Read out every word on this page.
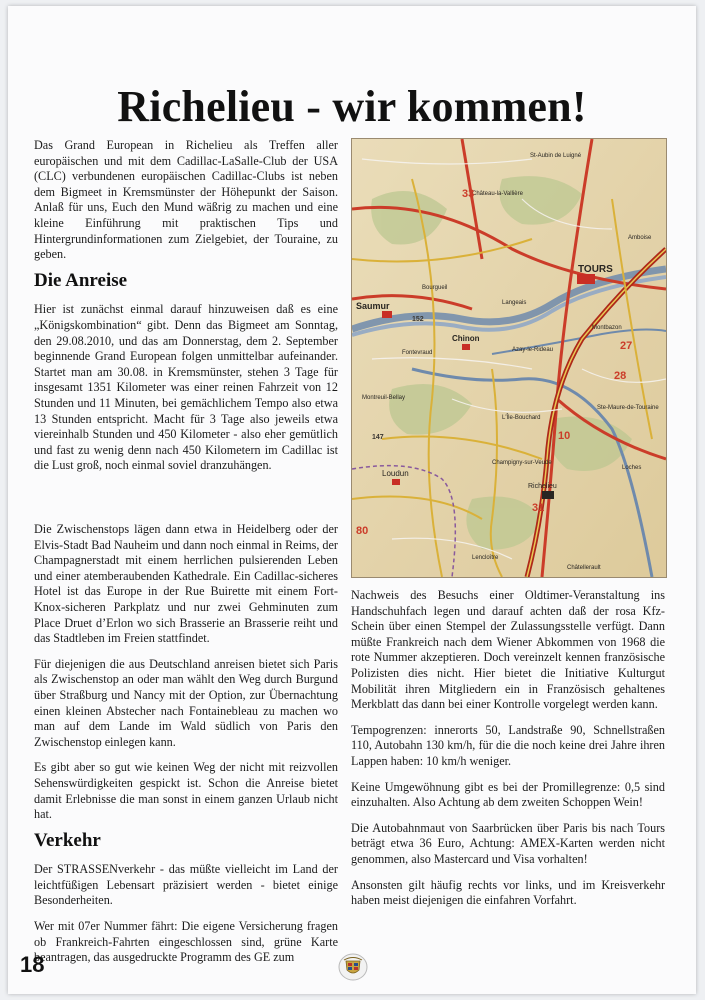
Richelieu - wir kommen!

Das Grand European in Richelieu als Treffen aller europäischen und mit dem Cadillac-LaSalle-Club der USA (CLC) verbundenen europäischen Cadillac-Clubs ist neben dem Bigmeet in Kremsmünster der Höhepunkt der Saison. Anlaß für uns, Euch den Mund wäßrig zu machen und eine kleine Einführung mit praktischen Tips und Hintergrundinformationen zum Zielgebiet, der Touraine, zu geben.

Die Anreise

Hier ist zunächst einmal darauf hinzuweisen daß es eine „Königskombination“ gibt. Denn das Bigmeet am Sonntag, den 29.08.2010, und das am Donnerstag, dem 2. September beginnende Grand European folgen unmittelbar aufeinander. Startet man am 30.08. in Kremsmünster, stehen 3 Tage für insgesamt 1351 Kilometer was einer reinen Fahrzeit von 12 Stunden und 11 Minuten, bei gemächlichem Tempo also etwa 13 Stunden entspricht. Macht für 3 Tage also jeweils etwa viereinhalb Stunden und 450 Kilometer - also eher gemütlich und fast zu wenig denn nach 450 Kilometern im Cadillac ist die Lust groß, noch einmal soviel dranzuhängen.

Die Zwischenstops lägen dann etwa in Heidelberg oder der Elvis-Stadt Bad Nauheim und dann noch einmal in Reims, der Champagnerstadt mit einem herrlichen pulsierenden Leben und einer atemberaubenden Kathedrale. Ein Cadillac-sicheres Hotel ist das Europe in der Rue Buirette mit einem Fort-Knox-sicheren Parkplatz und nur zwei Gehminuten zum Place Druet d’Erlon wo sich Brasserie an Brasserie reiht und das Stadtleben im Freien stattfindet.

Für diejenigen die aus Deutschland anreisen bietet sich Paris als Zwischenstop an oder man wählt den Weg durch Burgund über Straßburg und Nancy mit der Option, zur Übernachtung einen kleinen Abstecher nach Fontainebleau zu machen wo man auf dem Lande im Wald südlich von Paris den Zwischenstop einlegen kann.

Es gibt aber so gut wie keinen Weg der nicht mit reizvollen Sehenswürdigkeiten gespickt ist. Schon die Anreise bietet damit Erlebnisse die man sonst in einem ganzen Urlaub nicht hat.

Verkehr

Der STRASSENverkehr - das müßte vielleicht im Land der leichtfüßigen Lebensart präzisiert werden - bietet einige Besonderheiten.

Wer mit 07er Nummer fährt: Die eigene Versicherung fragen ob Frankreich-Fahrten eingeschlossen sind, grüne Karte beantragen, das ausgedruckte Programm des GE zum

TOURS
Saumur
Chinon
Loudun
Richelieu
St-Aubin de Luigné
Château-la-Vallière
Langeais
Azay-le-Rideau
Montbazon
Ste-Maure-de-Touraine
L'Île-Bouchard
Montreuil-Bellay
Lencloître
Amboise
Loches
Fontevraud
Bourgueil
Champigny-sur-Veude
Châtellerault
33
28
31
80
152
147
27
10

Nachweis des Besuchs einer Oldtimer-Veranstaltung ins Handschuhfach legen und darauf achten daß der rosa Kfz-Schein über einen Stempel der Zulassungsstelle verfügt. Dann müßte Frankreich nach dem Wiener Abkommen von 1968 die rote Nummer akzeptieren. Doch vereinzelt kennen französische Polizisten dies nicht. Hier bietet die Initiative Kulturgut Mobilität ihren Mitgliedern ein in Französisch gehaltenes Merkblatt das dann bei einer Kontrolle vorgelegt werden kann.

Tempogrenzen: innerorts 50, Landstraße 90, Schnellstraßen 110, Autobahn 130 km/h, für die die noch keine drei Jahre ihren Lappen haben: 10 km/h weniger.

Keine Umgewöhnung gibt es bei der Promillegrenze: 0,5 sind einzuhalten. Also Achtung ab dem zweiten Schoppen Wein!

Die Autobahnmaut von Saarbrücken über Paris bis nach Tours beträgt etwa 36 Euro, Achtung: AMEX-Karten werden nicht genommen, also Mastercard und Visa vorhalten!

Ansonsten gilt häufig rechts vor links, und im Kreisverkehr haben meist diejenigen die einfahren Vorfahrt.

18
